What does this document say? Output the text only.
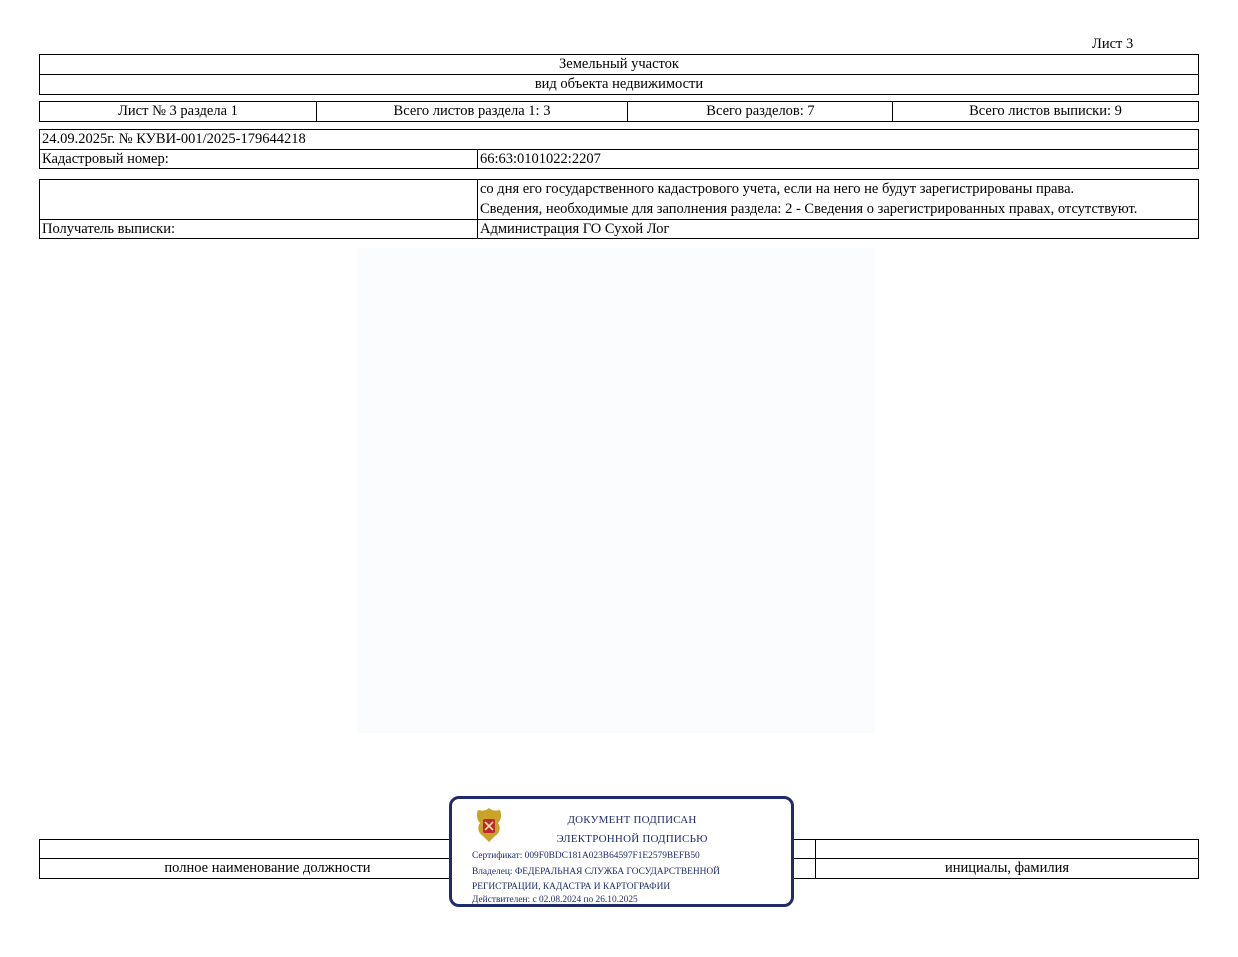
Лист 3
Земельный участок
вид объекта недвижимости
Лист № 3 раздела 1	Всего листов раздела 1: 3	Всего разделов: 7	Всего листов выписки: 9
24.09.2025г. № КУВИ-001/2025-179644218
Кадастровый номер:	66:63:0101022:2207
со дня его государственного кадастрового учета, если на него не будут зарегистрированы права.
Сведения, необходимые для заполнения раздела: 2 - Сведения о зарегистрированных правах, отсутствуют.
Получатель выписки:	Администрация ГО Сухой Лог
полное наименование должности	инициалы, фамилия
ДОКУМЕНТ ПОДПИСАН
ЭЛЕКТРОННОЙ ПОДПИСЬЮ
Сертификат: 009F0BDC181A023B64597F1E2579BEFB50
Владелец: ФЕДЕРАЛЬНАЯ СЛУЖБА ГОСУДАРСТВЕННОЙ
РЕГИСТРАЦИИ, КАДАСТРА И КАРТОГРАФИИ
Действителен: с 02.08.2024 по 26.10.2025
